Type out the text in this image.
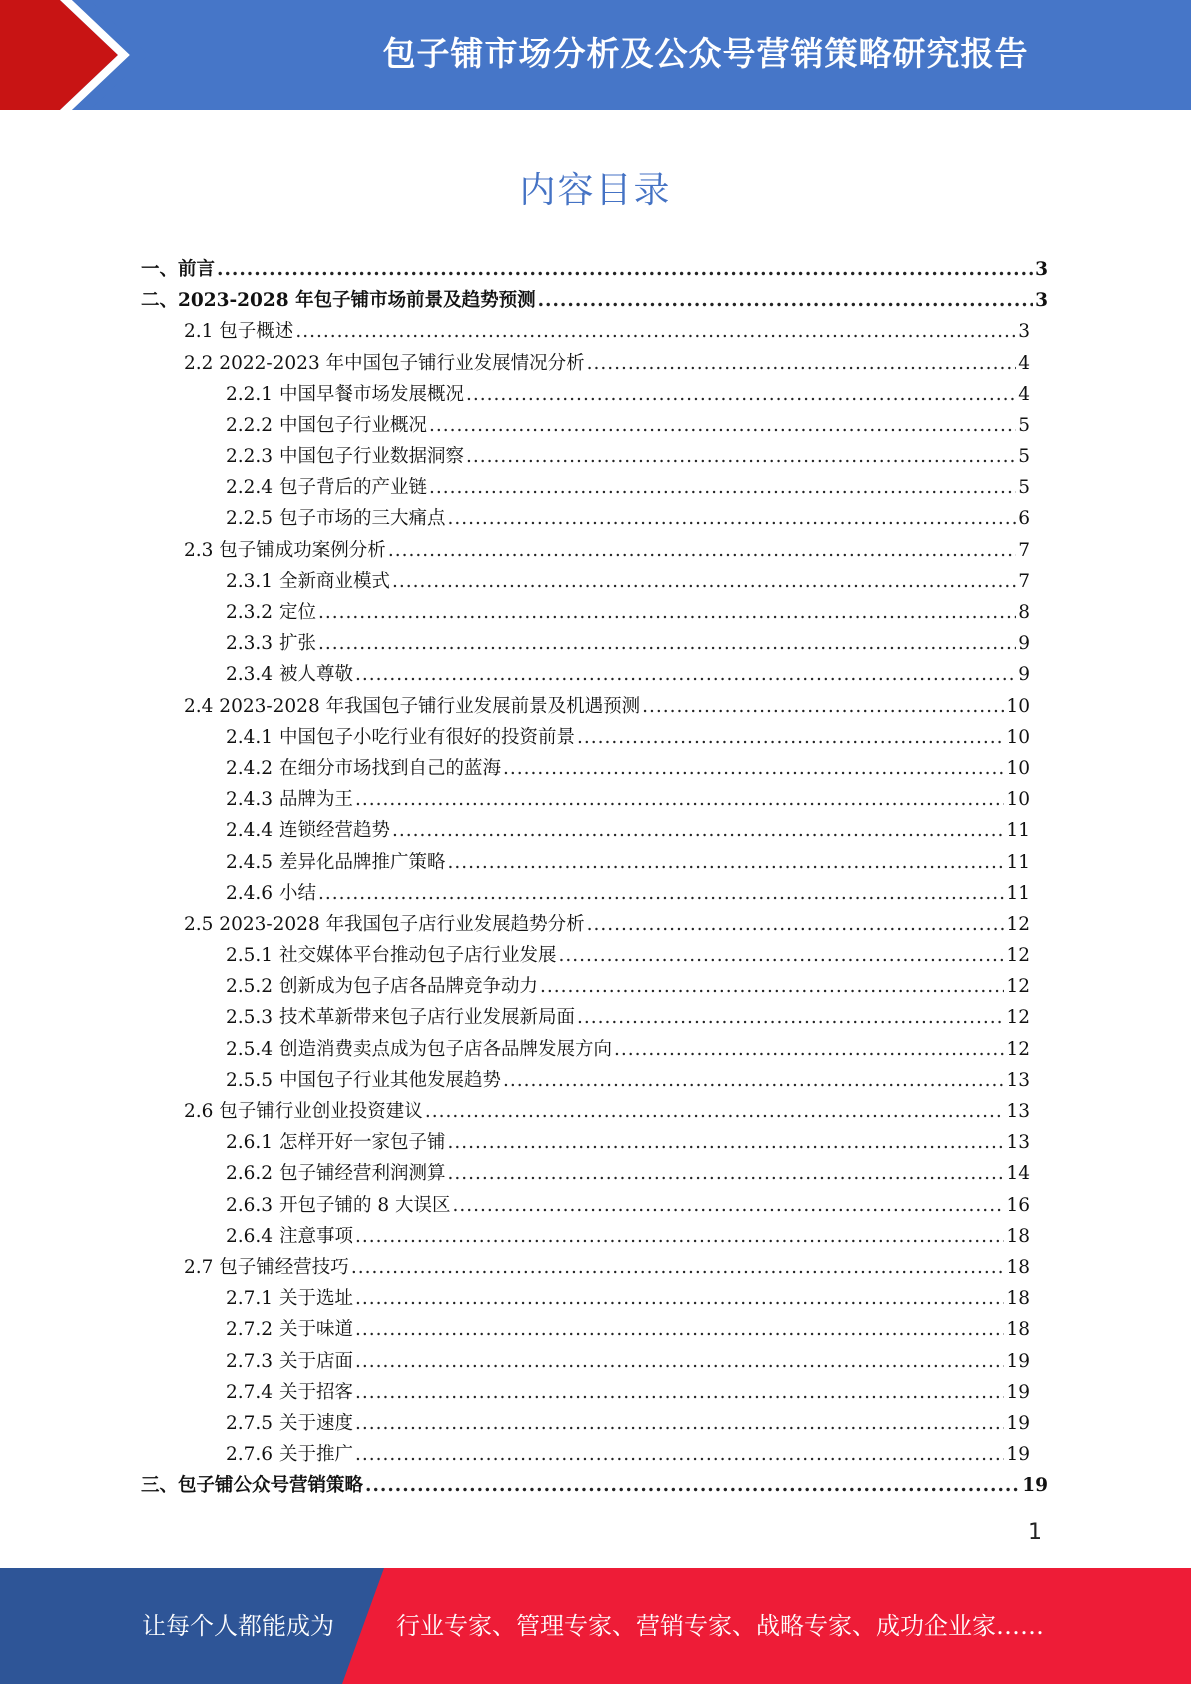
包子铺市场分析及公众号营销策略研究报告
内容目录
一、前言 .....	3
二、2023-2028 年包子铺市场前景及趋势预测 .....	3
2.1 包子概述 .....	3
2.2 2022-2023 年中国包子铺行业发展情况分析 .....	4
2.2.1 中国早餐市场发展概况 .....	4
2.2.2 中国包子行业概况 .....	5
2.2.3 中国包子行业数据洞察 .....	5
2.2.4 包子背后的产业链 .....	5
2.2.5 包子市场的三大痛点 .....	6
2.3 包子铺成功案例分析 .....	7
2.3.1 全新商业模式 .....	7
2.3.2 定位 .....	8
2.3.3 扩张 .....	9
2.3.4 被人尊敬 .....	9
2.4 2023-2028 年我国包子铺行业发展前景及机遇预测 .....	10
2.4.1 中国包子小吃行业有很好的投资前景 .....	10
2.4.2 在细分市场找到自己的蓝海 .....	10
2.4.3 品牌为王 .....	10
2.4.4 连锁经营趋势 .....	11
2.4.5 差异化品牌推广策略 .....	11
2.4.6 小结 .....	11
2.5 2023-2028 年我国包子店行业发展趋势分析 .....	12
2.5.1 社交媒体平台推动包子店行业发展 .....	12
2.5.2 创新成为包子店各品牌竞争动力 .....	12
2.5.3 技术革新带来包子店行业发展新局面 .....	12
2.5.4 创造消费卖点成为包子店各品牌发展方向 .....	12
2.5.5 中国包子行业其他发展趋势 .....	13
2.6 包子铺行业创业投资建议 .....	13
2.6.1 怎样开好一家包子铺 .....	13
2.6.2 包子铺经营利润测算 .....	14
2.6.3 开包子铺的 8 大误区 .....	16
2.6.4 注意事项 .....	18
2.7 包子铺经营技巧 .....	18
2.7.1 关于选址 .....	18
2.7.2 关于味道 .....	18
2.7.3 关于店面 .....	19
2.7.4 关于招客 .....	19
2.7.5 关于速度 .....	19
2.7.6 关于推广 .....	19
三、包子铺公众号营销策略 .....	19
1
让每个人都能成为	行业专家、管理专家、营销专家、战略专家、成功企业家……
